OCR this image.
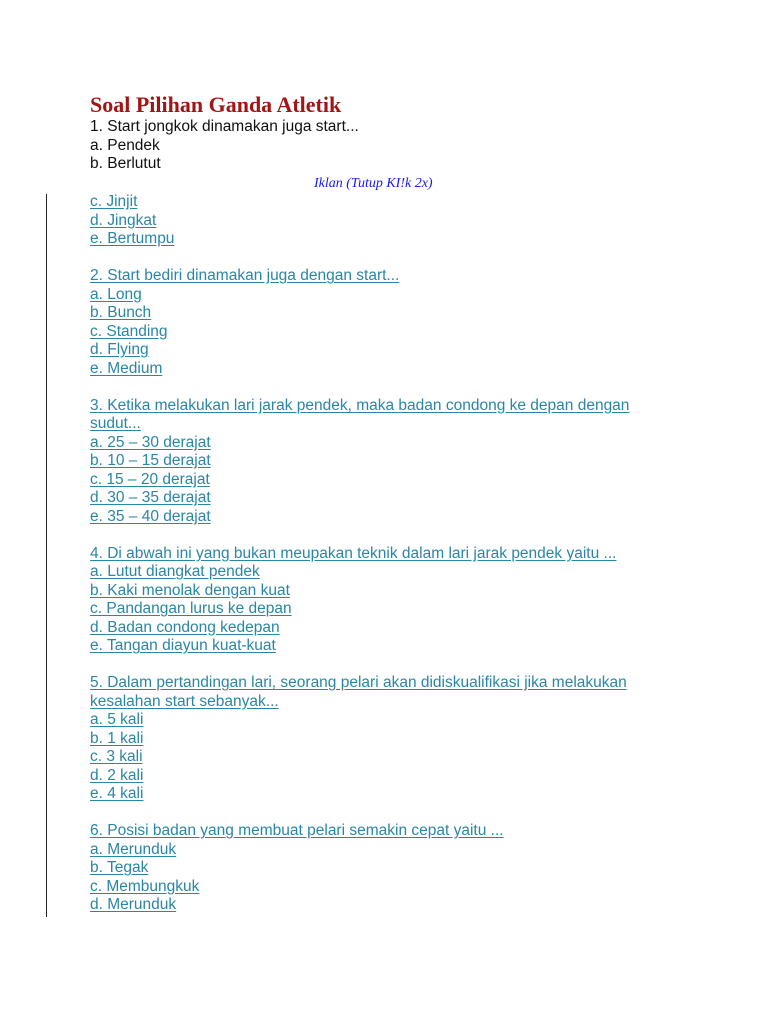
Soal Pilihan Ganda Atletik
1. Start jongkok dinamakan juga start...
a. Pendek
b. Berlutut
Iklan (Tutup KI!k 2x)
c. Jinjit
d. Jingkat
e. Bertumpu
2. Start bediri dinamakan juga dengan start...
a. Long
b. Bunch
c. Standing
d. Flying
e. Medium
3. Ketika melakukan lari jarak pendek, maka badan condong ke depan dengan sudut...
a. 25 – 30 derajat
b. 10 – 15 derajat
c. 15 – 20 derajat
d. 30 – 35 derajat
e. 35 – 40 derajat
4. Di abwah ini yang bukan meupakan teknik dalam lari jarak pendek yaitu ...
a. Lutut diangkat pendek
b. Kaki menolak dengan kuat
c. Pandangan lurus ke depan
d. Badan condong kedepan
e. Tangan diayun kuat-kuat
5. Dalam pertandingan lari, seorang pelari akan didiskualifikasi jika melakukan kesalahan start sebanyak...
a. 5 kali
b. 1 kali
c. 3 kali
d. 2 kali
e. 4 kali
6. Posisi badan yang membuat pelari semakin cepat yaitu ...
a. Merunduk
b. Tegak
c. Membungkuk
d. Merunduk
